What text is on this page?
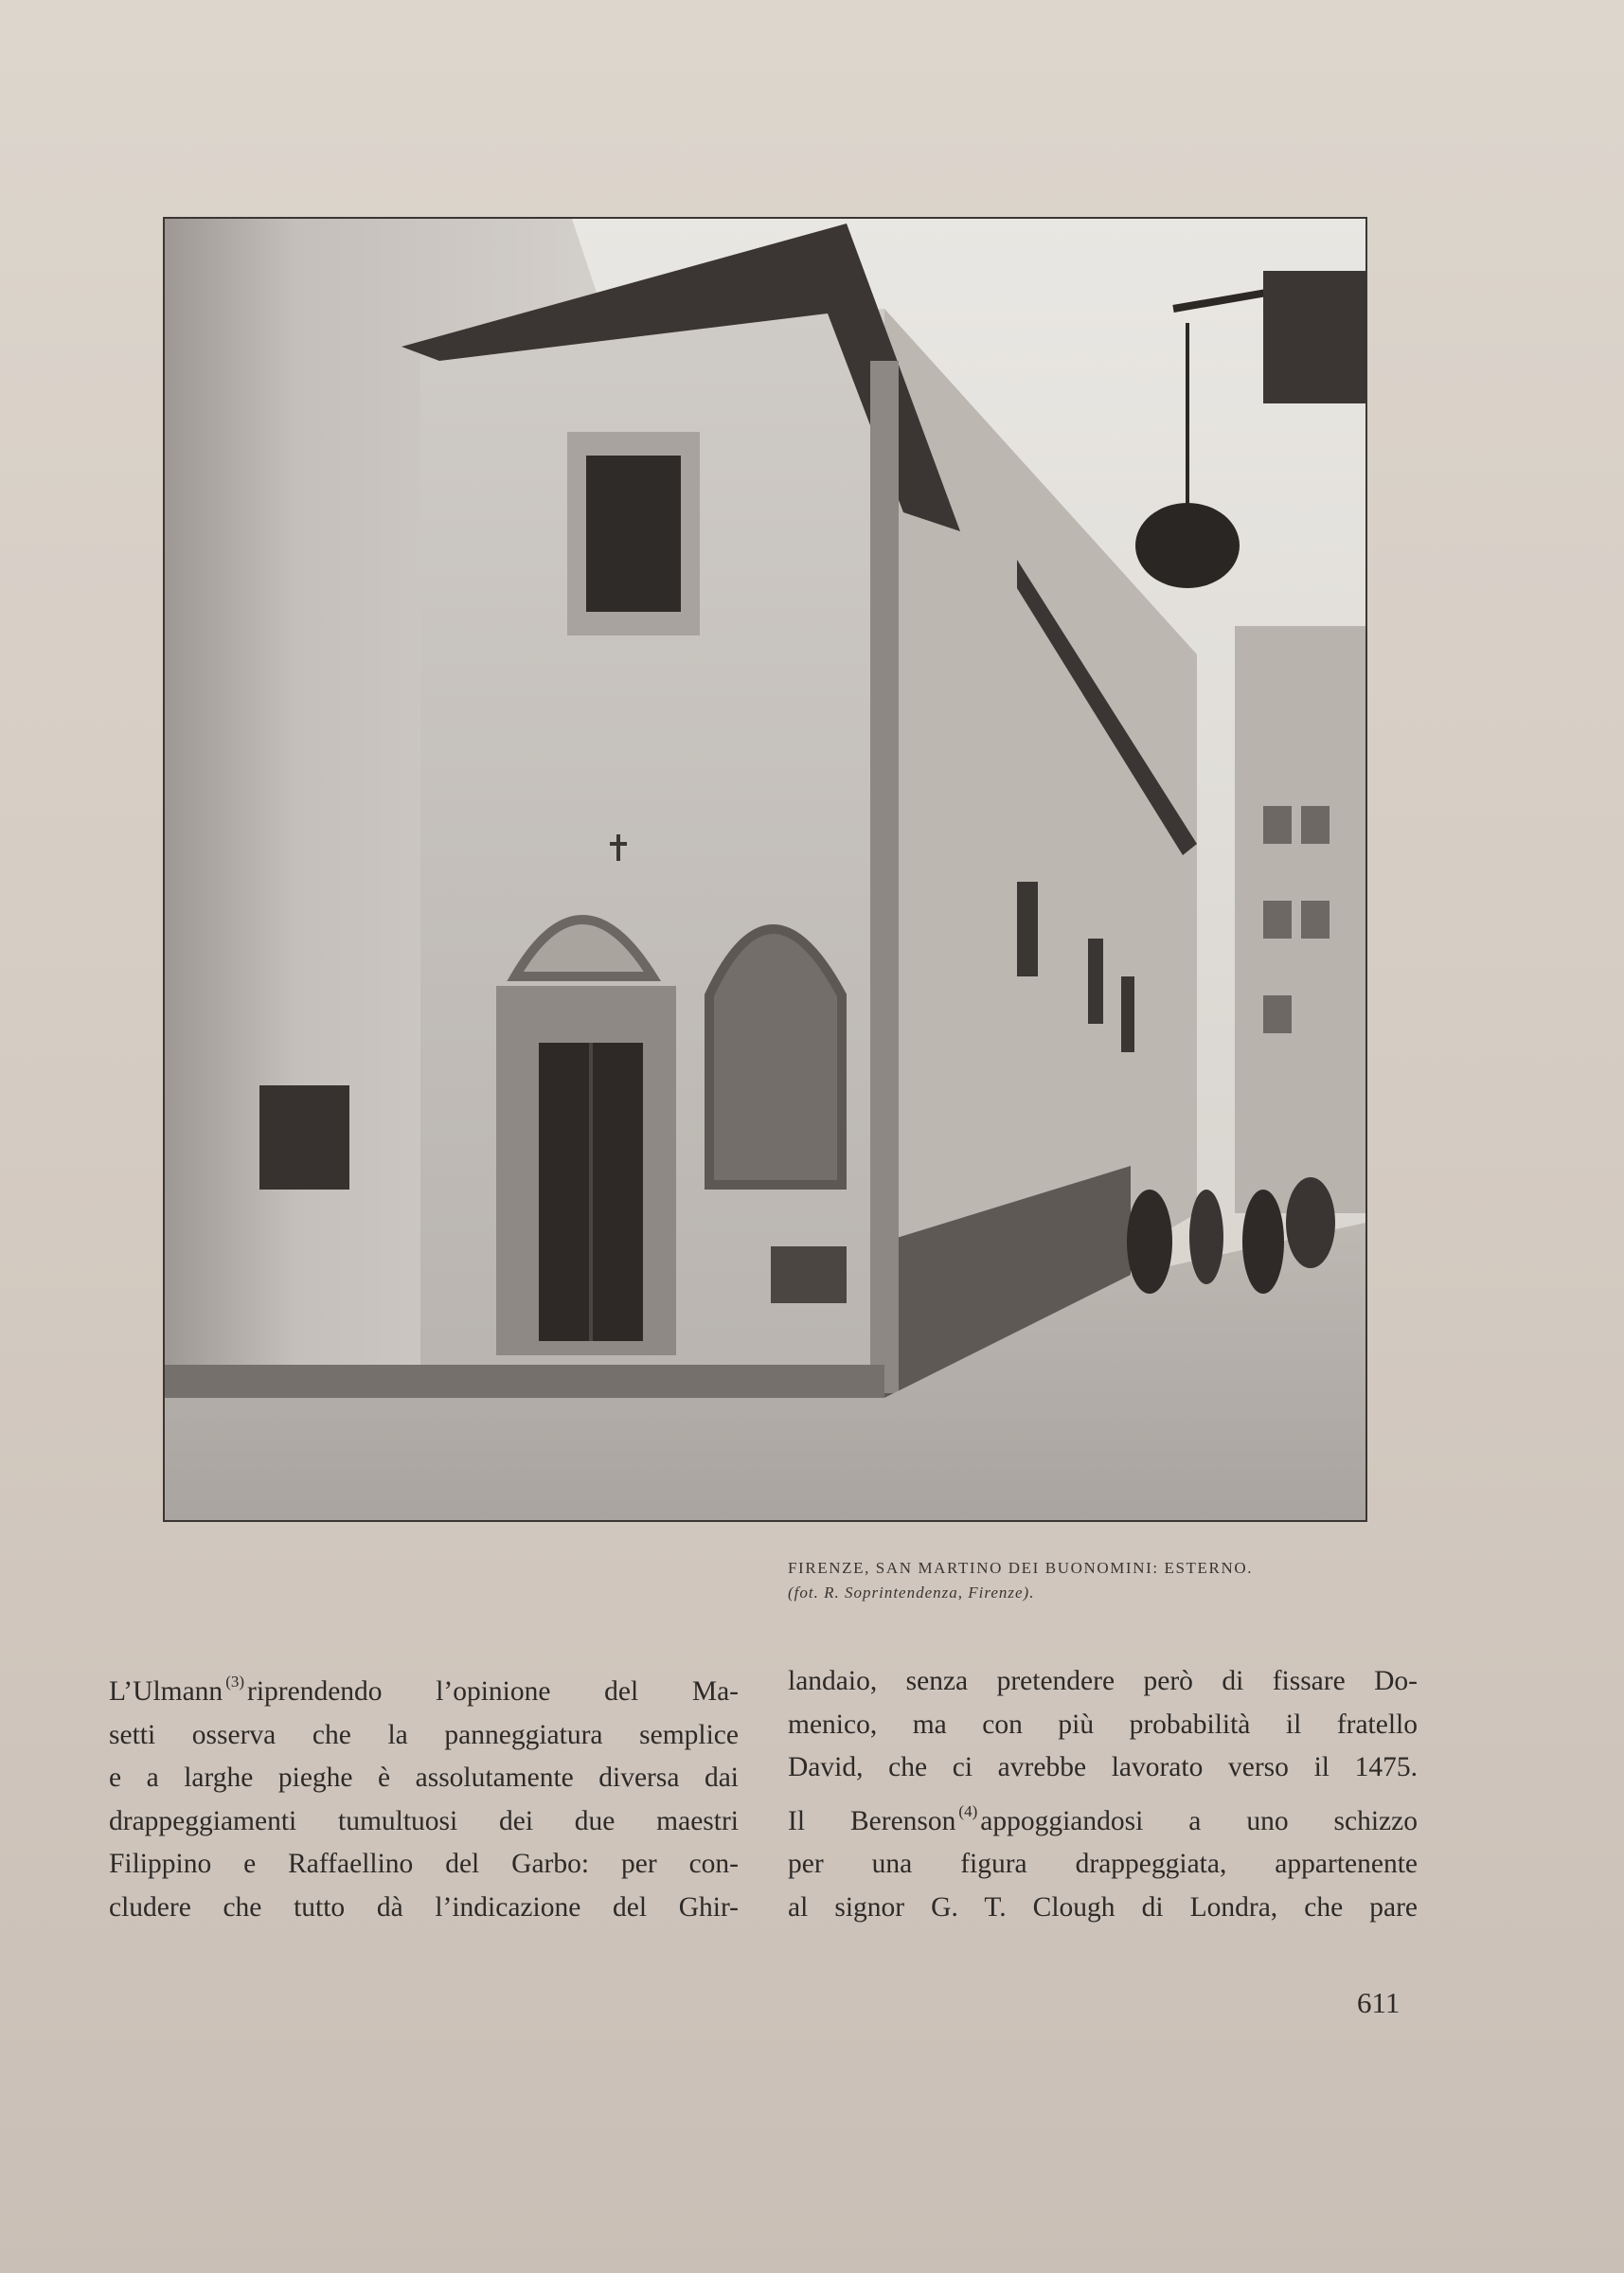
FIRENZE, SAN MARTINO DEI BUONOMINI: ESTERNO.
(fot. R. Soprintendenza, Firenze).
L’Ulmann $^{(3)}$ riprendendo l’opinione del Ma-
setti osserva che la panneggiatura semplice
e a larghe pieghe è assolutamente diversa dai
drappeggiamenti tumultuosi dei due maestri
Filippino e Raffaellino del Garbo: per con-
cludere che tutto dà l’indicazione del Ghir-
landaio, senza pretendere però di fissare Do-
menico, ma con più probabilità il fratello
David, che ci avrebbe lavorato verso il 1475.
Il Berenson $^{(4)}$ appoggiandosi a uno schizzo
per una figura drappeggiata, appartenente
al signor G. T. Clough di Londra, che pare
611
